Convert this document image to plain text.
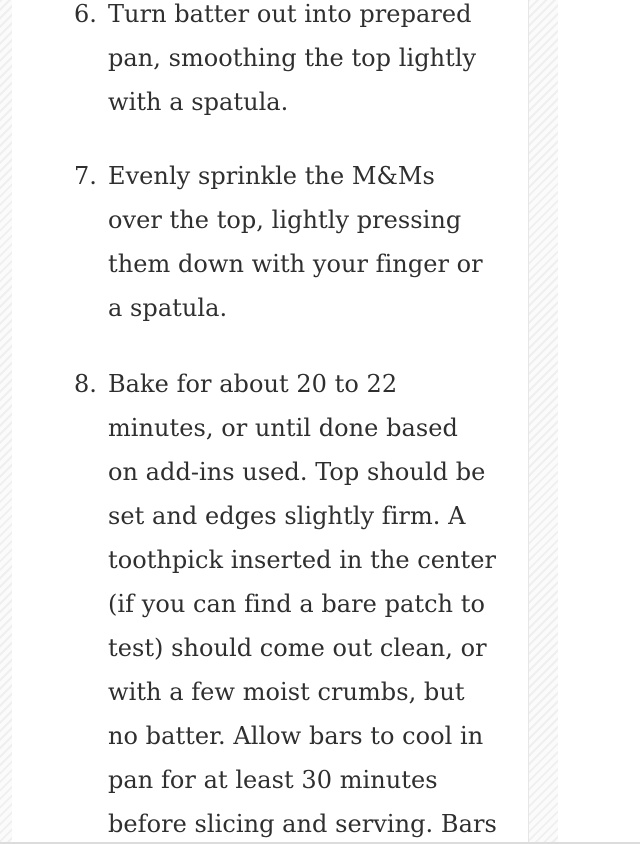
6. Turn batter out into prepared
pan, smoothing the top lightly
with a spatula.

7. Evenly sprinkle the M&Ms
over the top, lightly pressing
them down with your finger or
a spatula.

8. Bake for about 20 to 22
minutes, or until done based
on add-ins used. Top should be
set and edges slightly firm. A
toothpick inserted in the center
(if you can find a bare patch to
test) should come out clean, or
with a few moist crumbs, but
no batter. Allow bars to cool in
pan for at least 30 minutes
before slicing and serving. Bars
